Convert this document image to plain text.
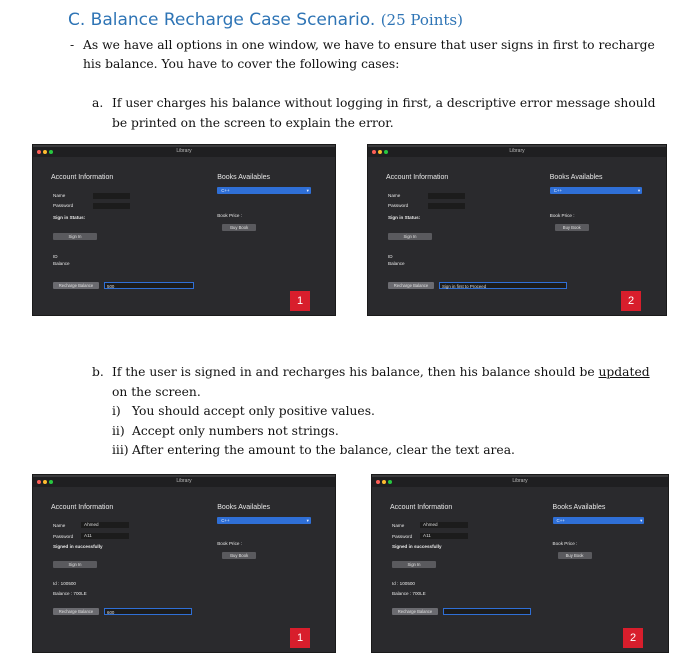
C. Balance Recharge Case Scenario. (25 Points)
- As we have all options in one window, we have to ensure that user signs in first to recharge
his balance. You have to cover the following cases:
a. If user charges his balance without logging in first, a descriptive error message should
be printed on the screen to explain the error.
Library
Account Information	Books Availables
Name
Password
Sign in Status:
Sign In
ID
Balance
Recharge Balance	500
C++	▾
Book Price :
Buy Book
1
Library
Account Information	Books Availables
Name
Password
Sign in Status:
Sign In
ID
Balance
Recharge Balance	Sign in first to Proceed
C++	▾
Book Price :
Buy Book
2
Library
Account Information	Books Availables
Name	Ahmed
Password	A11
Signed in successfully
Sign In
Id : 100500
Balance : 700LE
Recharge Balance	600
C++	▾
Book Price :
Buy Book
1
Library
Account Information	Books Availables
Name	Ahmed
Password	A11
Signed in successfully
Sign In
Id : 100500
Balance : 700LE
Recharge Balance
C++	▾
Book Price :
Buy Book
2
b. If the user is signed in and recharges his balance, then his balance should be updated
on the screen.
i) You should accept only positive values.
ii) Accept only numbers not strings.
iii) After entering the amount to the balance, clear the text area.
